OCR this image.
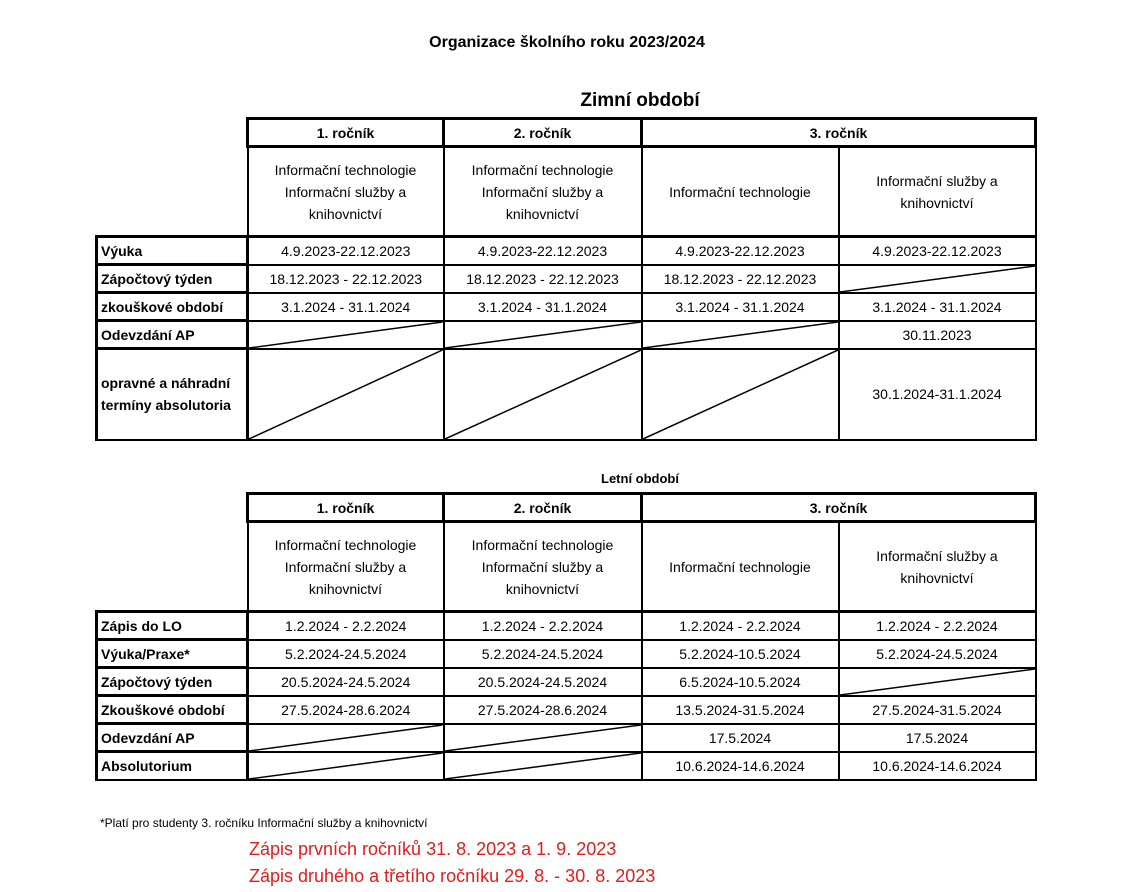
Organizace školního roku 2023/2024
Zimní období
	1. ročník	2. ročník	3. ročník	
	Informační technologie Informační služby a knihovnictví	Informační technologie Informační služby a knihovnictví	Informační technologie	Informační služby a knihovnictví
Výuka	4.9.2023-22.12.2023	4.9.2023-22.12.2023	4.9.2023-22.12.2023	4.9.2023-22.12.2023
Zápočtový týden	18.12.2023 - 22.12.2023	18.12.2023 - 22.12.2023	18.12.2023 - 22.12.2023	

zkouškové období	3.1.2024 - 31.1.2024	3.1.2024 - 31.1.2024	3.1.2024 - 31.1.2024	3.1.2024 - 31.1.2024
Odevzdání AP				30.11.2023
opravné a náhradní termíny absolutoria				30.1.2024-31.1.2024
Letní období
	1. ročník	2. ročník	3. ročník	
	Informační technologie Informační služby a knihovnictví	Informační technologie Informační služby a knihovnictví	Informační technologie	Informační služby a knihovnictví
Zápis do LO	1.2.2024 - 2.2.2024	1.2.2024 - 2.2.2024	1.2.2024 - 2.2.2024	1.2.2024 - 2.2.2024
Výuka/Praxe*	5.2.2024-24.5.2024	5.2.2024-24.5.2024	5.2.2024-10.5.2024	5.2.2024-24.5.2024
Zápočtový týden	20.5.2024-24.5.2024	20.5.2024-24.5.2024	6.5.2024-10.5.2024	

Zkouškové období	27.5.2024-28.6.2024	27.5.2024-28.6.2024	13.5.2024-31.5.2024	27.5.2024-31.5.2024
Odevzdání AP			17.5.2024	17.5.2024
Absolutorium			10.6.2024-14.6.2024	10.6.2024-14.6.2024
*Platí pro studenty 3. ročníku Informační služby a knihovnictví
Zápis prvních ročníků 31. 8. 2023 a 1. 9. 2023
Zápis druhého a třetího ročníku 29. 8. - 30. 8. 2023
